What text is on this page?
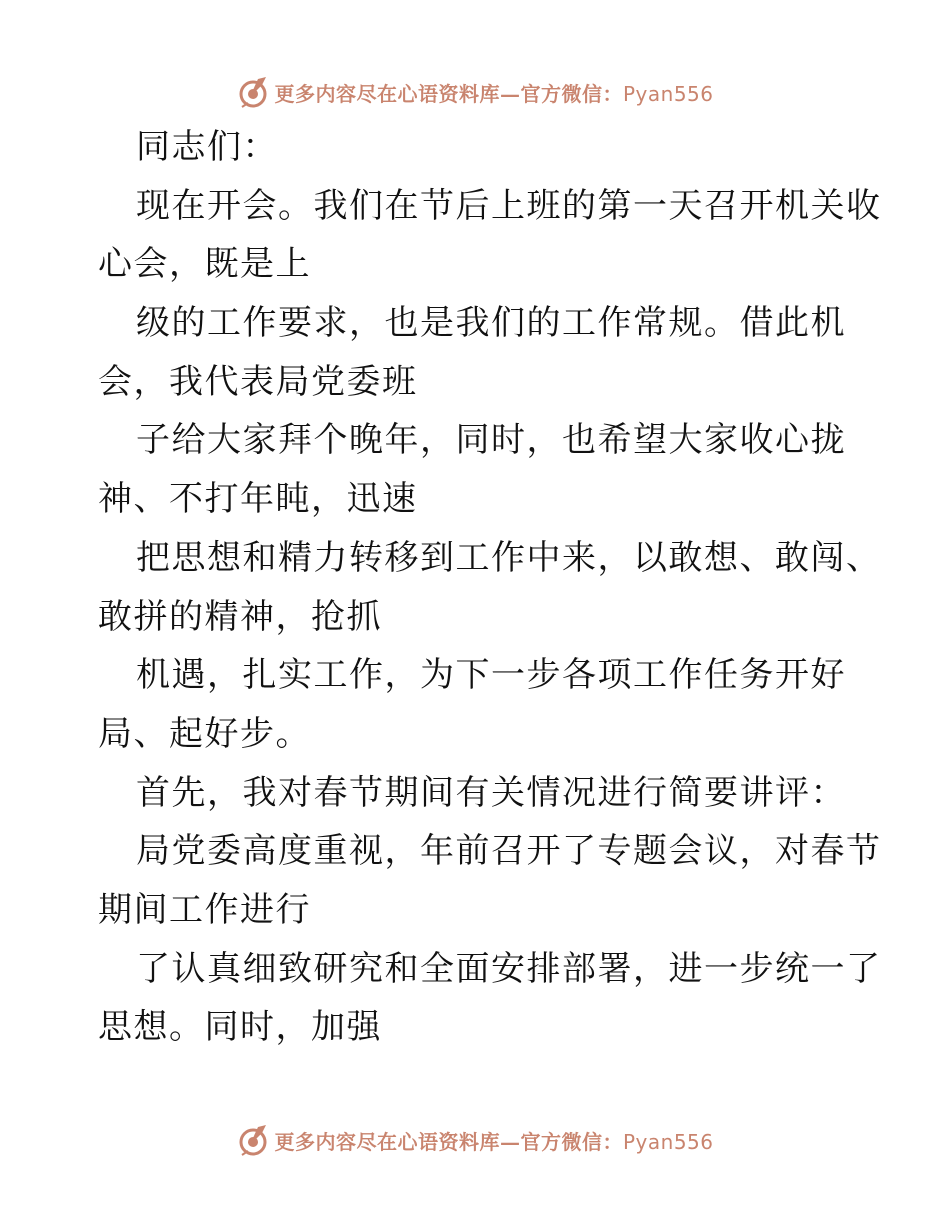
更多内容尽在心语资料库—官方微信：Pyan556
同志们：
现在开会。我们在节后上班的第一天召开机关收
心会，既是上
级的工作要求，也是我们的工作常规。借此机
会，我代表局党委班
子给大家拜个晚年，同时，也希望大家收心拢
神、不打年盹，迅速
把思想和精力转移到工作中来，以敢想、敢闯、
敢拼的精神，抢抓
机遇，扎实工作，为下一步各项工作任务开好
局、起好步。
首先，我对春节期间有关情况进行简要讲评：
局党委高度重视，年前召开了专题会议，对春节
期间工作进行
了认真细致研究和全面安排部署，进一步统一了
思想。同时，加强
更多内容尽在心语资料库—官方微信：Pyan556
